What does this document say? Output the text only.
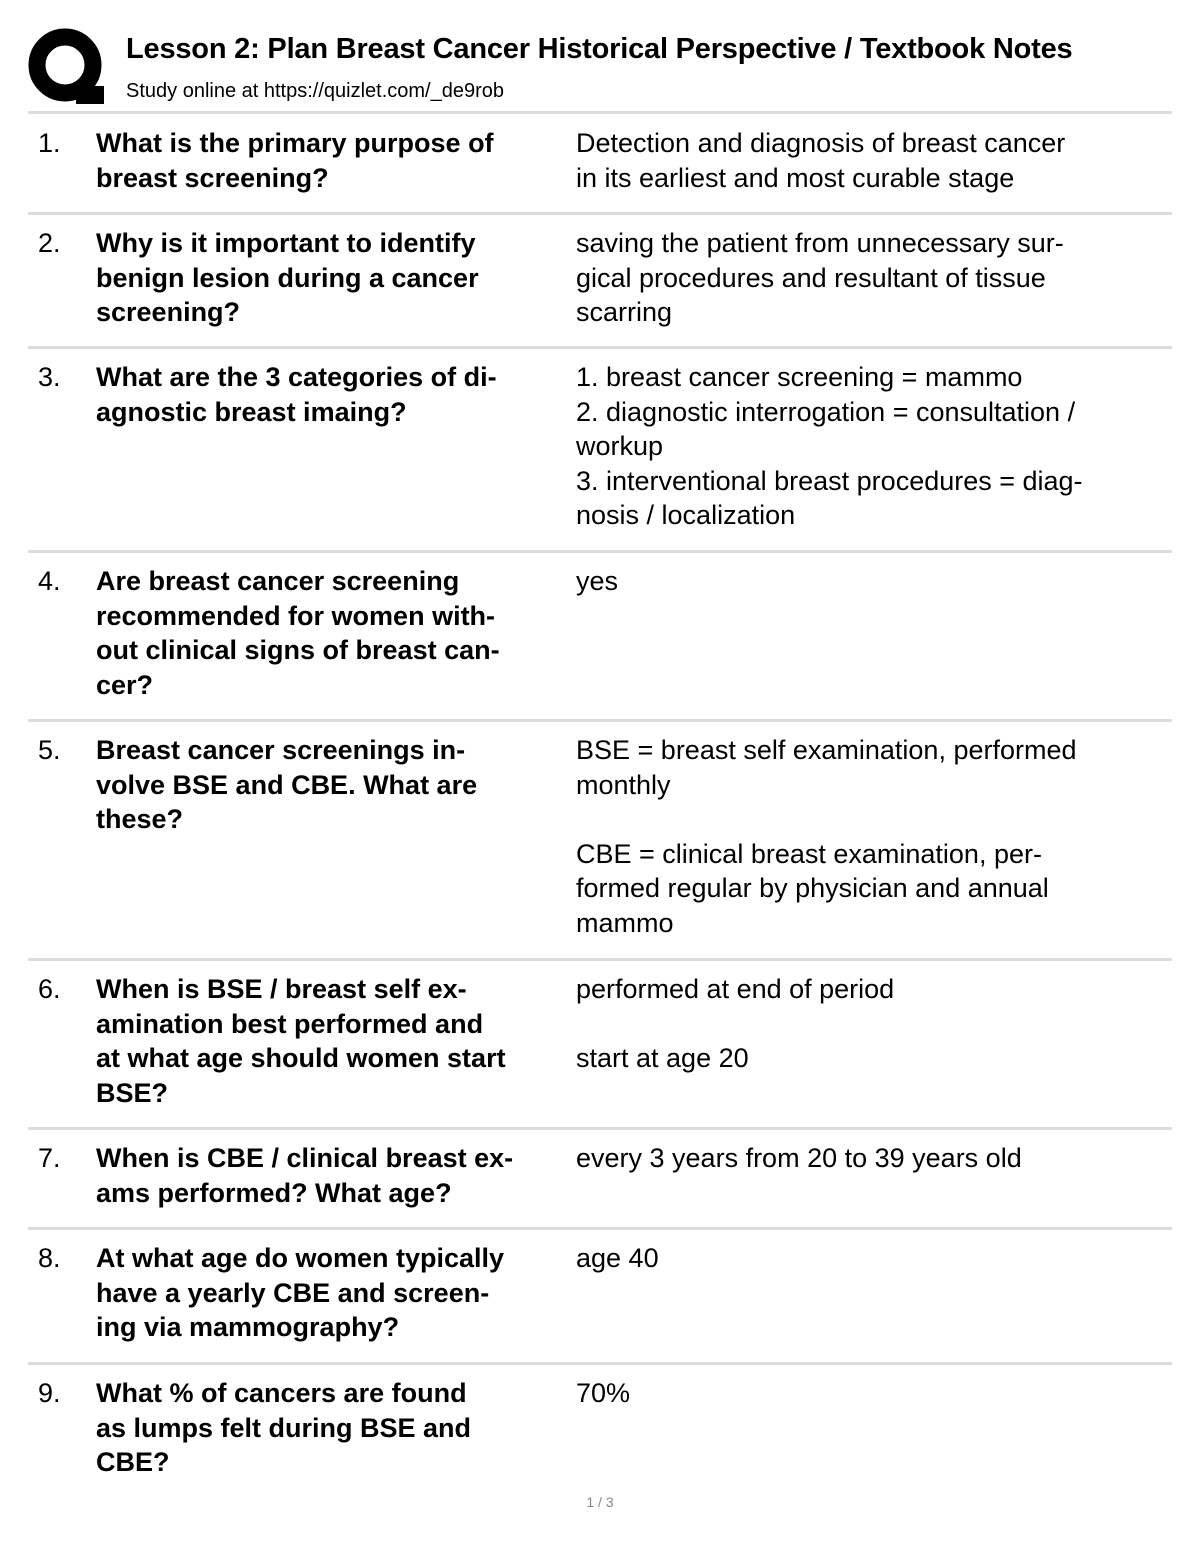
Lesson 2: Plan Breast Cancer Historical Perspective / Textbook Notes
Study online at https://quizlet.com/_de9rob
1. What is the primary purpose of
breast screening?
Detection and diagnosis of breast cancer
in its earliest and most curable stage
2. Why is it important to identify
benign lesion during a cancer
screening?
saving the patient from unnecessary sur-
gical procedures and resultant of tissue
scarring
3. What are the 3 categories of di-
agnostic breast imaing?
1. breast cancer screening = mammo
2. diagnostic interrogation = consultation /
workup
3. interventional breast procedures = diag-
nosis / localization
4. Are breast cancer screening
recommended for women with-
out clinical signs of breast can-
cer?
yes
5. Breast cancer screenings in-
volve BSE and CBE. What are
these?
BSE = breast self examination, performed
monthly
CBE = clinical breast examination, per-
formed regular by physician and annual
mammo
6. When is BSE / breast self ex-
amination best performed and
at what age should women start
BSE?
performed at end of period
start at age 20
7. When is CBE / clinical breast ex-
ams performed? What age?
every 3 years from 20 to 39 years old
8. At what age do women typically
have a yearly CBE and screen-
ing via mammography?
age 40
9. What % of cancers are found
as lumps felt during BSE and
CBE?
70%
1 / 3
